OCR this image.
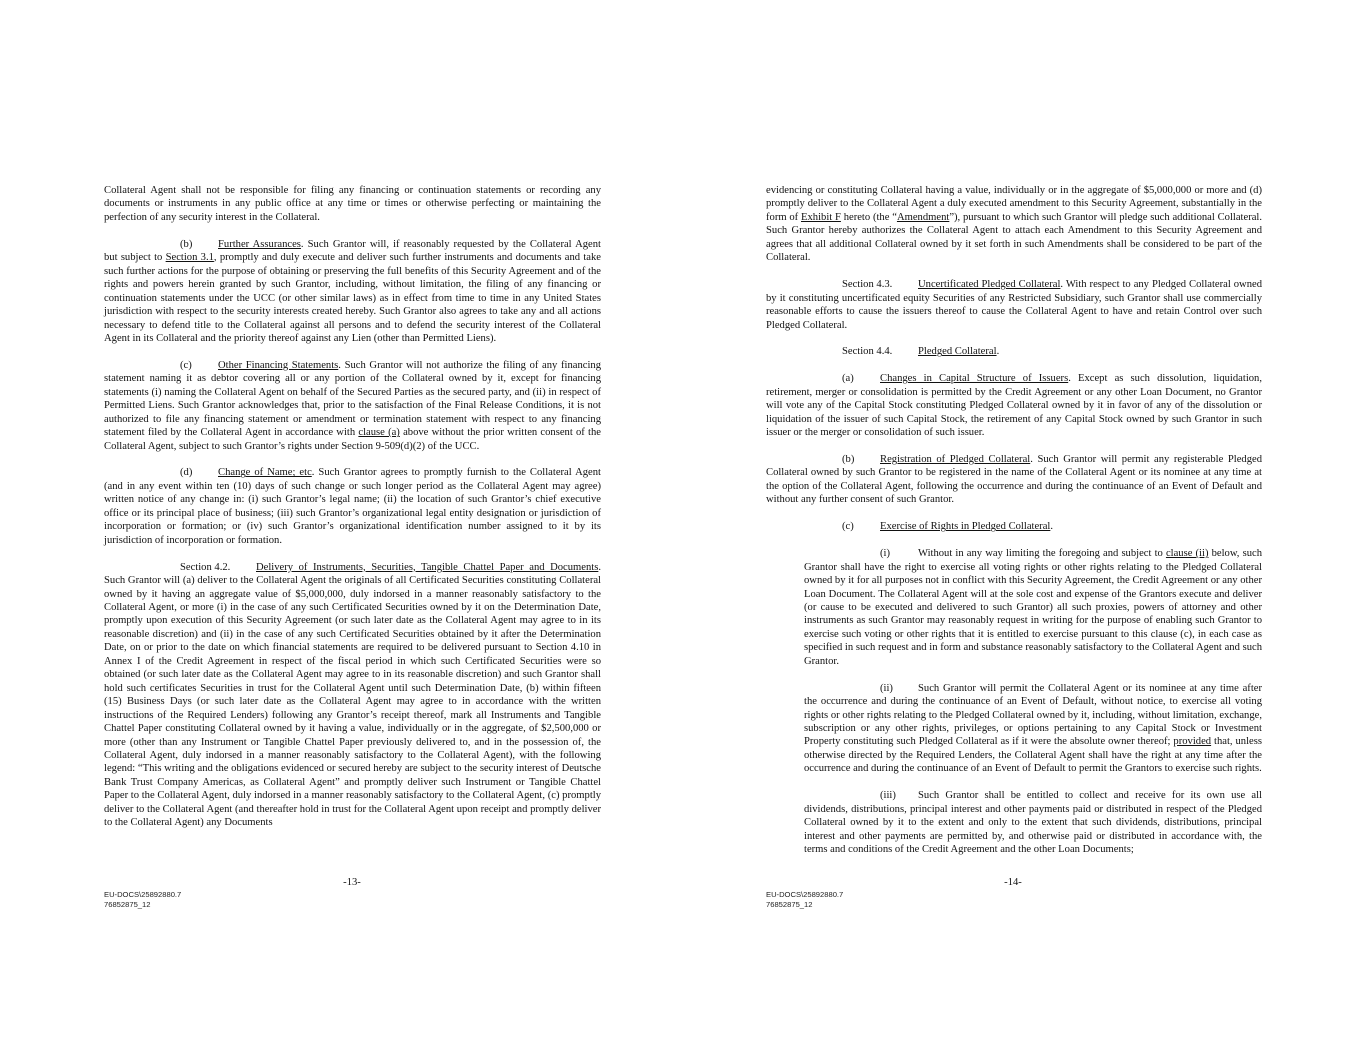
Collateral Agent shall not be responsible for filing any financing or continuation statements or recording any documents or instruments in any public office at any time or times or otherwise perfecting or maintaining the perfection of any security interest in the Collateral.

(b) Further Assurances. Such Grantor will, if reasonably requested by the Collateral Agent but subject to Section 3.1, promptly and duly execute and deliver such further instruments and documents and take such further actions for the purpose of obtaining or preserving the full benefits of this Security Agreement and of the rights and powers herein granted by such Grantor, including, without limitation, the filing of any financing or continuation statements under the UCC (or other similar laws) as in effect from time to time in any United States jurisdiction with respect to the security interests created hereby. Such Grantor also agrees to take any and all actions necessary to defend title to the Collateral against all persons and to defend the security interest of the Collateral Agent in its Collateral and the priority thereof against any Lien (other than Permitted Liens).

(c) Other Financing Statements. Such Grantor will not authorize the filing of any financing statement naming it as debtor covering all or any portion of the Collateral owned by it, except for financing statements (i) naming the Collateral Agent on behalf of the Secured Parties as the secured party, and (ii) in respect of Permitted Liens. Such Grantor acknowledges that, prior to the satisfaction of the Final Release Conditions, it is not authorized to file any financing statement or amendment or termination statement with respect to any financing statement filed by the Collateral Agent in accordance with clause (a) above without the prior written consent of the Collateral Agent, subject to such Grantor’s rights under Section 9-509(d)(2) of the UCC.

(d) Change of Name; etc. Such Grantor agrees to promptly furnish to the Collateral Agent (and in any event within ten (10) days of such change or such longer period as the Collateral Agent may agree) written notice of any change in: (i) such Grantor’s legal name; (ii) the location of such Grantor’s chief executive office or its principal place of business; (iii) such Grantor’s organizational legal entity designation or jurisdiction of incorporation or formation; or (iv) such Grantor’s organizational identification number assigned to it by its jurisdiction of incorporation or formation.

Section 4.2. Delivery of Instruments, Securities, Tangible Chattel Paper and Documents. Such Grantor will (a) deliver to the Collateral Agent the originals of all Certificated Securities constituting Collateral owned by it having an aggregate value of $5,000,000, duly indorsed in a manner reasonably satisfactory to the Collateral Agent, or more (i) in the case of any such Certificated Securities owned by it on the Determination Date, promptly upon execution of this Security Agreement (or such later date as the Collateral Agent may agree to in its reasonable discretion) and (ii) in the case of any such Certificated Securities obtained by it after the Determination Date, on or prior to the date on which financial statements are required to be delivered pursuant to Section 4.10 in Annex I of the Credit Agreement in respect of the fiscal period in which such Certificated Securities were so obtained (or such later date as the Collateral Agent may agree to in its reasonable discretion) and such Grantor shall hold such certificates Securities in trust for the Collateral Agent until such Determination Date, (b) within fifteen (15) Business Days (or such later date as the Collateral Agent may agree to in accordance with the written instructions of the Required Lenders) following any Grantor’s receipt thereof, mark all Instruments and Tangible Chattel Paper constituting Collateral owned by it having a value, individually or in the aggregate, of $2,500,000 or more (other than any Instrument or Tangible Chattel Paper previously delivered to, and in the possession of, the Collateral Agent, duly indorsed in a manner reasonably satisfactory to the Collateral Agent), with the following legend: “This writing and the obligations evidenced or secured hereby are subject to the security interest of Deutsche Bank Trust Company Americas, as Collateral Agent” and promptly deliver such Instrument or Tangible Chattel Paper to the Collateral Agent, duly indorsed in a manner reasonably satisfactory to the Collateral Agent, (c) promptly deliver to the Collateral Agent (and thereafter hold in trust for the Collateral Agent upon receipt and promptly deliver to the Collateral Agent) any Documents

-13-
EU-DOCS\25892880.7
76852875_12

evidencing or constituting Collateral having a value, individually or in the aggregate of $5,000,000 or more and (d) promptly deliver to the Collateral Agent a duly executed amendment to this Security Agreement, substantially in the form of Exhibit F hereto (the “Amendment”), pursuant to which such Grantor will pledge such additional Collateral. Such Grantor hereby authorizes the Collateral Agent to attach each Amendment to this Security Agreement and agrees that all additional Collateral owned by it set forth in such Amendments shall be considered to be part of the Collateral.

Section 4.3. Uncertificated Pledged Collateral. With respect to any Pledged Collateral owned by it constituting uncertificated equity Securities of any Restricted Subsidiary, such Grantor shall use commercially reasonable efforts to cause the issuers thereof to cause the Collateral Agent to have and retain Control over such Pledged Collateral.

Section 4.4. Pledged Collateral.

(a) Changes in Capital Structure of Issuers. Except as such dissolution, liquidation, retirement, merger or consolidation is permitted by the Credit Agreement or any other Loan Document, no Grantor will vote any of the Capital Stock constituting Pledged Collateral owned by it in favor of any of the dissolution or liquidation of the issuer of such Capital Stock, the retirement of any Capital Stock owned by such Grantor in such issuer or the merger or consolidation of such issuer.

(b) Registration of Pledged Collateral. Such Grantor will permit any registerable Pledged Collateral owned by such Grantor to be registered in the name of the Collateral Agent or its nominee at any time at the option of the Collateral Agent, following the occurrence and during the continuance of an Event of Default and without any further consent of such Grantor.

(c) Exercise of Rights in Pledged Collateral.

(i)	Without in any way limiting the foregoing and subject to clause (ii) below, such Grantor shall have the right to exercise all voting rights or other rights relating to the Pledged Collateral owned by it for all purposes not in conflict with this Security Agreement, the Credit Agreement or any other Loan Document. The Collateral Agent will at the sole cost and expense of the Grantors execute and deliver (or cause to be executed and delivered to such Grantor) all such proxies, powers of attorney and other instruments as such Grantor may reasonably request in writing for the purpose of enabling such Grantor to exercise such voting or other rights that it is entitled to exercise pursuant to this clause (c), in each case as specified in such request and in form and substance reasonably satisfactory to the Collateral Agent and such Grantor.

(ii) Such Grantor will permit the Collateral Agent or its nominee at any time after the occurrence and during the continuance of an Event of Default, without notice, to exercise all voting rights or other rights relating to the Pledged Collateral owned by it, including, without limitation, exchange, subscription or any other rights, privileges, or options pertaining to any Capital Stock or Investment Property constituting such Pledged Collateral as if it were the absolute owner thereof; provided that, unless otherwise directed by the Required Lenders, the Collateral Agent shall have the right at any time after the occurrence and during the continuance of an Event of Default to permit the Grantors to exercise such rights.

(iii) Such Grantor shall be entitled to collect and receive for its own use all dividends, distributions, principal interest and other payments paid or distributed in respect of the Pledged Collateral owned by it to the extent and only to the extent that such dividends, distributions, principal interest and other payments are permitted by, and otherwise paid or distributed in accordance with, the terms and conditions of the Credit Agreement and the other Loan Documents;

-14-
EU-DOCS\25892880.7
76852875_12
